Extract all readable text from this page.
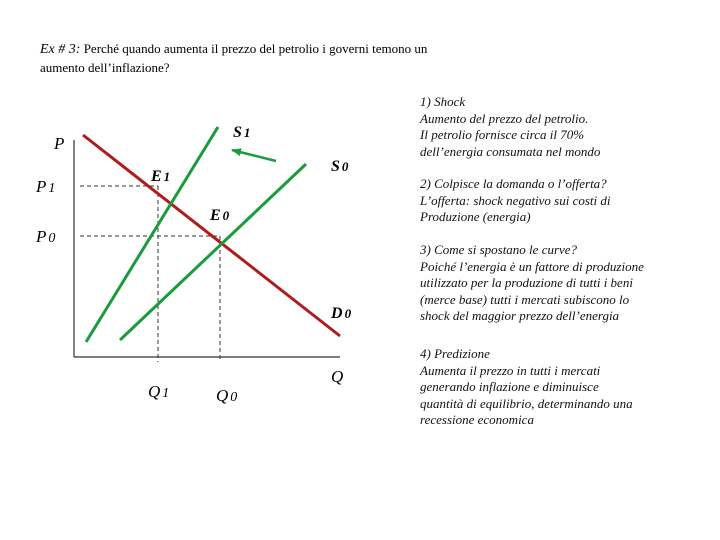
Ex # 3: Perché quando aumenta il prezzo del petrolio i governi temono un
aumento dell’inflazione?
P
Q
P 1
P 0
Q 1	Q 0
S 1
S 0
D 0
E 1
E 0

1) Shock
Aumento del prezzo del petrolio.
Il petrolio fornisce circa il 70%
dell’energia consumata nel mondo

2) Colpisce la domanda o l’offerta?
L’offerta: shock negativo sui costi di
Produzione (energia)

3) Come si spostano le curve?
Poiché l’energia è un fattore di produzione
utilizzato per la produzione di tutti i beni
(merce base) tutti i mercati subiscono lo
shock del maggior prezzo dell’energia

4) Predizione
Aumenta il prezzo in tutti i mercati
generando inflazione e diminuisce
quantità di equilibrio, determinando una
recessione economica
